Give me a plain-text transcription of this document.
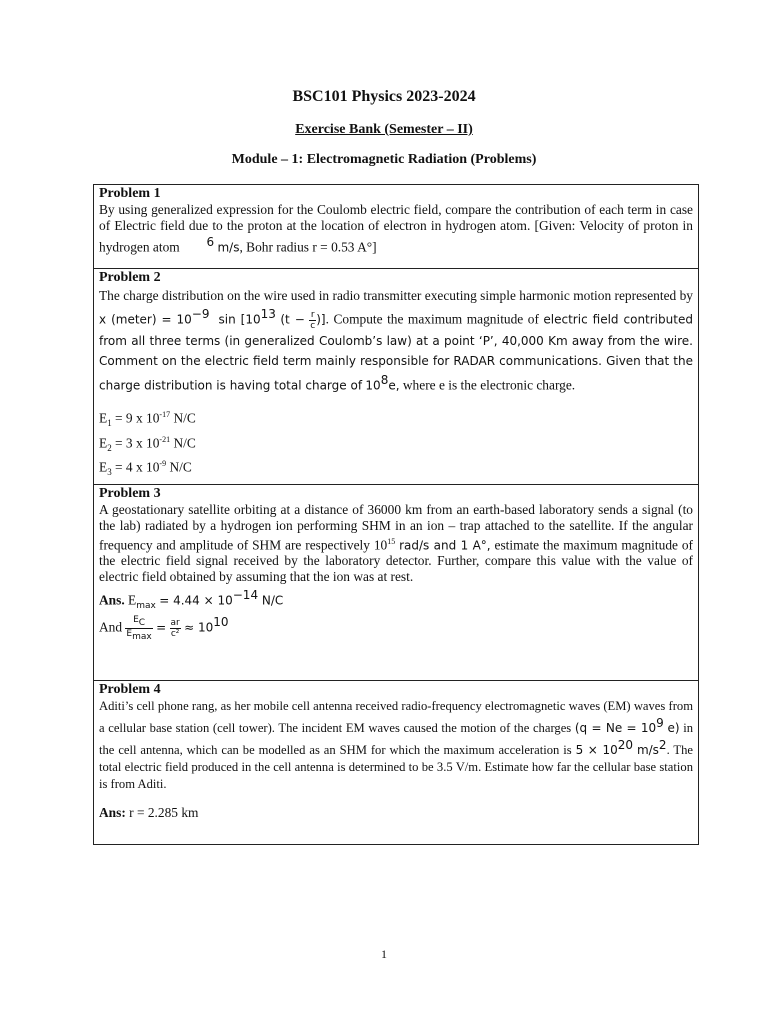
BSC101 Physics 2023-2024
Exercise Bank (Semester – II)
Module – 1: Electromagnetic Radiation (Problems)
Problem 1

By using generalized expression for the Coulomb electric field, compare the contribution of each term in case of Electric field due to the proton at the location of electron in hydrogen atom. [Given: Velocity of proton in hydrogen atom $^6$ m/s, Bohr radius r = 0.53 A°]

Problem 2

The charge distribution on the wire used in radio transmitter executing simple harmonic motion represented by x (meter) = $10^{-9}$ $\sin [10^{13}$ ($t - \frac{r}{c}$ )]. Compute the maximum magnitude of electric field contributed from all three terms (in generalized Coulomb’s law) at a point ‘P’, 40,000 Km away from the wire. Comment on the electric field term mainly responsible for RADAR communications. Given that the charge distribution is having total charge of $10^8e$, where e is the electronic charge.

$E_1 = 9$ x $10^{-17}$ N/C
$E_2 = 3$ x $10^{-21}$ N/C
$E_3 = 4$ x $10^{-9}$ N/C

Problem 3

A geostationary satellite orbiting at a distance of 36000 km from an earth-based laboratory sends a signal (to the lab) radiated by a hydrogen ion performing SHM in an ion – trap attached to the satellite. If the angular frequency and amplitude of SHM are respectively $10^{15}$ rad/s and 1 A°, estimate the maximum magnitude of the electric field signal received by the laboratory detector. Further, compare this value with the value of electric field obtained by assuming that the ion was at rest.

Ans. $E_{max} = 4.44 \times 10^{-14}$ N/C
And $\frac{E_C}{E_{max}} = \frac{ar}{\text{c²}} \approx 10^{10}$

Problem 4

Aditi’s cell phone rang, as her mobile cell antenna received radio-frequency electromagnetic waves (EM) waves from a cellular base station (cell tower). The incident EM waves caused the motion of the charges ($q = Ne = 10^9$ e) in the cell antenna, which can be modelled as an SHM for which the maximum acceleration is $5 \times 10^{20}$ $m/s^2$. The total electric field produced in the cell antenna is determined to be 3.5 V/m. Estimate how far the cellular base station is from Aditi.

Ans: r = 2.285 km
1
